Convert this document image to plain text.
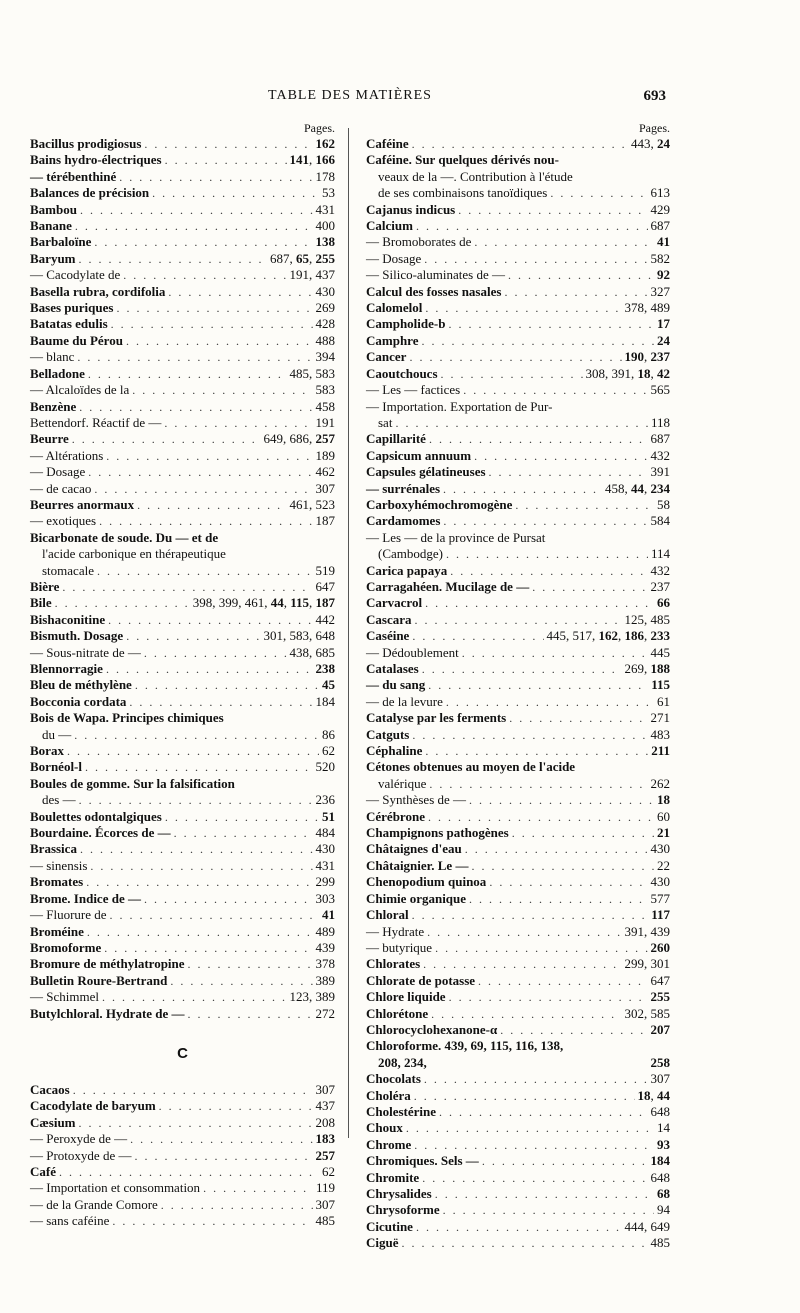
TABLE DES MATIÈRES	693
Pages.
Bacillus prodigiosus . . .	162
Bains hydro-électriques . . .	141, 166
— térébenthiné . . .	178
Balances de précision . . .	53
Bambou . . .	431
Banane . . .	400
Barbaloïne . . .	138
Baryum . . .	687, 65, 255
— Cacodylate de . . .	191, 437
Basella rubra, cordifolia . . .	430
Bases puriques . . .	269
Batatas edulis . . .	428
Baume du Pérou . . .	488
— blanc . . .	394
Belladone . . .	485, 583
— Alcaloïdes de la . . .	583
Benzène . . .	458
Bettendorf. Réactif de — . . .	191
Beurre . . .	649, 686, 257
— Altérations . . .	189
— Dosage . . .	462
— de cacao . . .	307
Beurres anormaux . . .	461, 523
— exotiques . . .	187
Bicarbonate de soude. Du — et de
l'acide carbonique en thérapeutique
stomacale . . .	519
Bière . . .	647
Bile . . .	398, 399, 461, 44, 115, 187
Bishaconitine . . .	442
Bismuth. Dosage . . .	301, 583, 648
— Sous-nitrate de — . . .	438, 685
Blennorragie . . .	238
Bleu de méthylène . . .	45
Bocconia cordata . . .	184
Bois de Wapa. Principes chimiques
du — . . .	86
Borax . . .	62
Bornéol-l . . .	520
Boules de gomme. Sur la falsification
des — . . .	236
Boulettes odontalgiques . . .	51
Bourdaine. Écorces de — . . .	484
Brassica . . .	430
— sinensis . . .	431
Bromates . . .	299
Brome. Indice de — . . .	303
— Fluorure de . . .	41
Broméine . . .	489
Bromoforme . . .	439
Bromure de méthylatropine . . .	378
Bulletin Roure-Bertrand . . .	389
— Schimmel . . .	123, 389
Butylchloral. Hydrate de — . . .	272
C
Cacaos . . .	307
Cacodylate de baryum . . .	437
Cæsium . . .	208
— Peroxyde de — . . .	183
— Protoxyde de — . . .	257
Café . . .	62
— Importation et consommation . . .	119
— de la Grande Comore . . .	307
— sans caféine . . .	485
Pages.
Caféine . . .	443, 24
Caféine. Sur quelques dérivés nou-
veaux de la —. Contribution à l'étude
de ses combinaisons tanoïdiques . . .	613
Cajanus indicus . . .	429
Calcium . . .	687
— Bromoborates de . . .	41
— Dosage . . .	582
— Silico-aluminates de — . . .	92
Calcul des fosses nasales . . .	327
Calomelol . . .	378, 489
Campholide-b . . .	17
Camphre . . .	24
Cancer . . .	190, 237
Caoutchoucs . . .	308, 391, 18, 42
— Les — factices . . .	565
— Importation. Exportation de Pur-
sat . . .	118
Capillarité . . .	687
Capsicum annuum . . .	432
Capsules gélatineuses . . .	391
— surrénales . . .	458, 44, 234
Carboxyhémochromogène . . .	58
Cardamomes . . .	584
— Les — de la province de Pursat
(Cambodge) . . .	114
Carica papaya . . .	432
Carragahéen. Mucilage de — . . .	237
Carvacrol . . .	66
Cascara . . .	125, 485
Caséine . . .	445, 517, 162, 186, 233
— Dédoublement . . .	445
Catalases . . .	269, 188
— du sang . . .	115
— de la levure . . .	61
Catalyse par les ferments . . .	271
Catguts . . .	483
Céphaline . . .	211
Cétones obtenues au moyen de l'acide
valérique . . .	262
— Synthèses de — . . .	18
Cérébrone . . .	60
Champignons pathogènes . . .	21
Châtaignes d'eau . . .	430
Châtaignier. Le — . . .	22
Chenopodium quinoa . . .	430
Chimie organique . . .	577
Chloral . . .	117
— Hydrate . . .	391, 439
— butyrique . . .	260
Chlorates . . .	299, 301
Chlorate de potasse . . .	647
Chlore liquide . . .	255
Chlorétone . . .	302, 585
Chlorocyclohexanone-α . . .	207
Chloroforme. 439, 69, 115, 116, 138,
208, 234,	258
Chocolats . . .	307
Choléra . . .	18, 44
Cholestérine . . .	648
Choux . . .	14
Chrome . . .	93
Chromiques. Sels — . . .	184
Chromite . . .	648
Chrysalides . . .	68
Chrysoforme . . .	94
Cicutine . . .	444, 649
Ciguë . . .	485
